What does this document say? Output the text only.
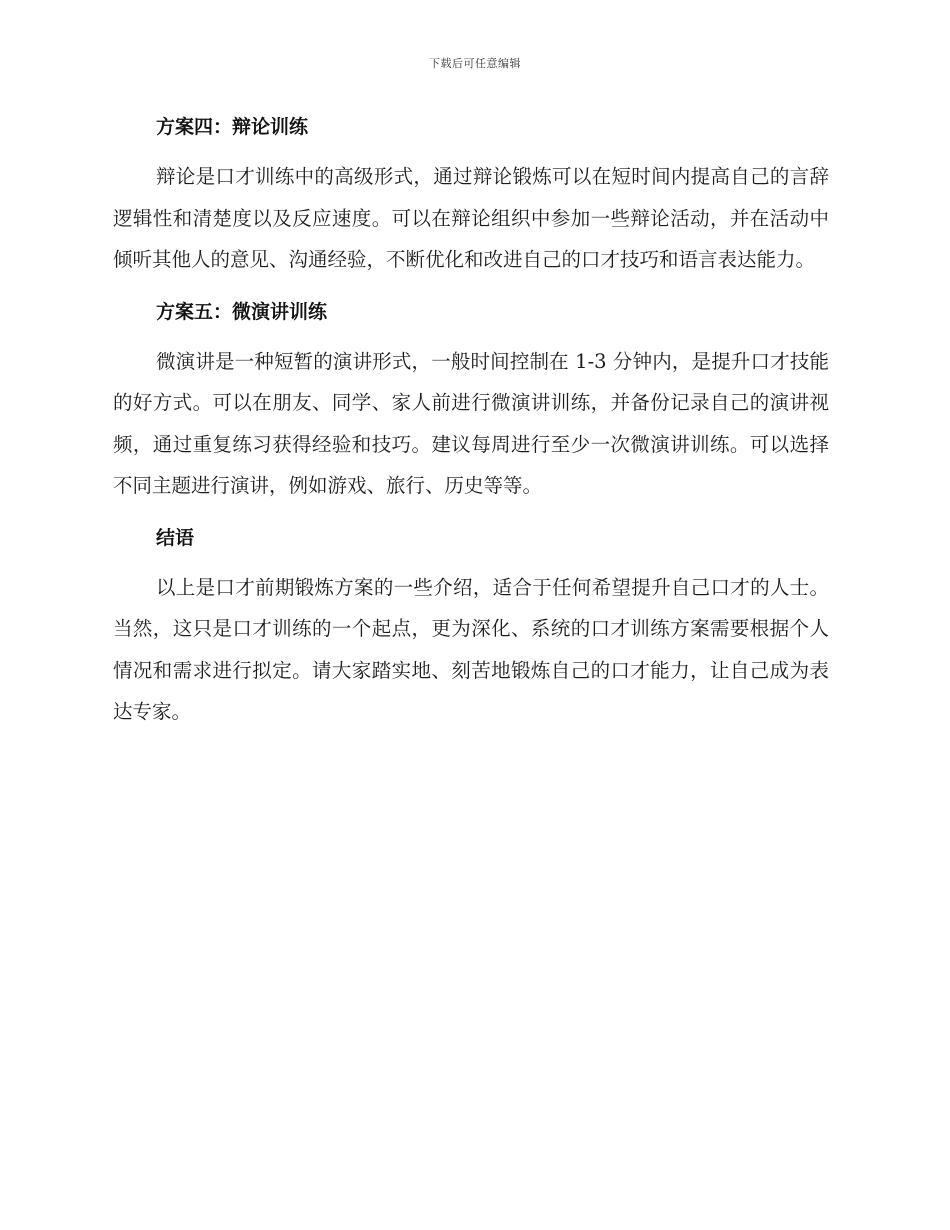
下载后可任意编辑
方案四：辩论训练

辩论是口才训练中的高级形式，通过辩论锻炼可以在短时间内提高自己的言辞逻辑性和清楚度以及反应速度。可以在辩论组织中参加一些辩论活动，并在活动中倾听其他人的意见、沟通经验，不断优化和改进自己的口才技巧和语言表达能力。

方案五：微演讲训练

微演讲是一种短暂的演讲形式，一般时间控制在 1-3 分钟内，是提升口才技能的好方式。可以在朋友、同学、家人前进行微演讲训练，并备份记录自己的演讲视频，通过重复练习获得经验和技巧。建议每周进行至少一次微演讲训练。可以选择不同主题进行演讲，例如游戏、旅行、历史等等。

结语

以上是口才前期锻炼方案的一些介绍，适合于任何希望提升自己口才的人士。当然，这只是口才训练的一个起点，更为深化、系统的口才训练方案需要根据个人情况和需求进行拟定。请大家踏实地、刻苦地锻炼自己的口才能力，让自己成为表达专家。
